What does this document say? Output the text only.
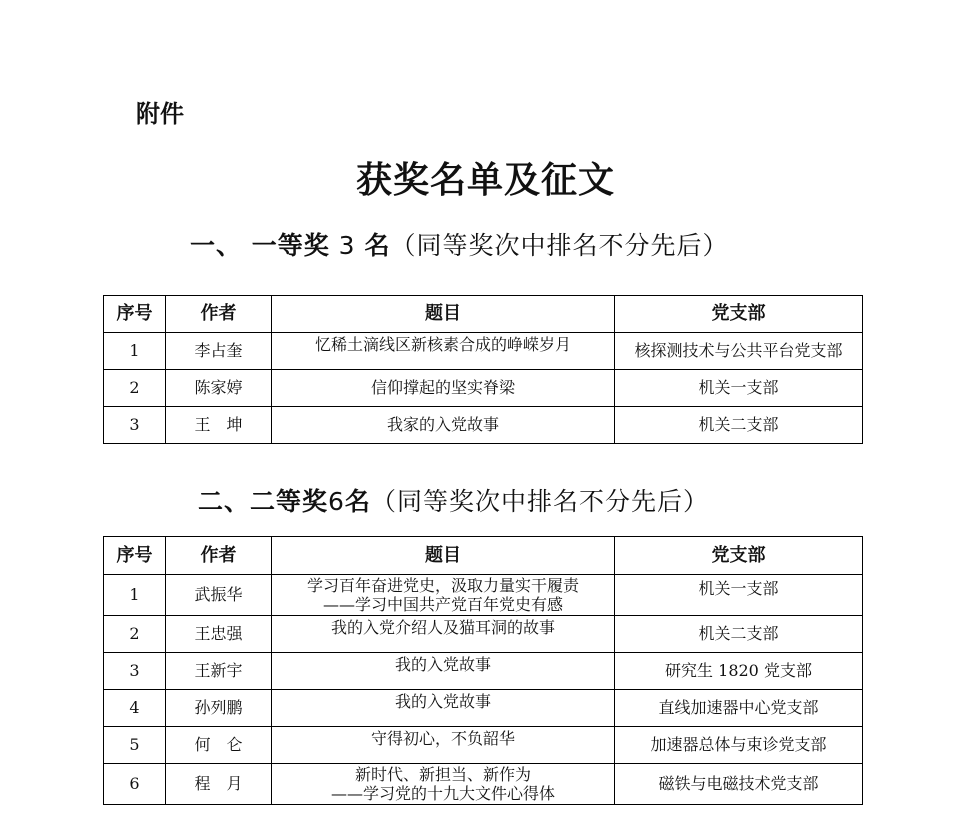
附件
获奖名单及征文
一、 一等奖 3 名（同等奖次中排名不分先后）
序号	作者	题目	党支部
1	李占奎	忆稀土滴线区新核素合成的峥嵘岁月	核探测技术与公共平台党支部
2	陈家婷	信仰撑起的坚实脊梁	机关一支部
3	王　坤	我家的入党故事	机关二支部
二、二等奖6名（同等奖次中排名不分先后）
序号	作者	题目	党支部
1	武振华	学习百年奋进党史，汲取力量实干履责
——学习中国共产党百年党史有感	机关一支部

2	王忠强	我的入党介绍人及猫耳洞的故事	机关二支部
3	王新宇	我的入党故事	研究生 1820 党支部
4	孙列鹏	我的入党故事	直线加速器中心党支部
5	何　仑	守得初心，不负韶华	加速器总体与束诊党支部
6	程　月	新时代、新担当、新作为
——学习党的十九大文件心得体	磁铁与电磁技术党支部
